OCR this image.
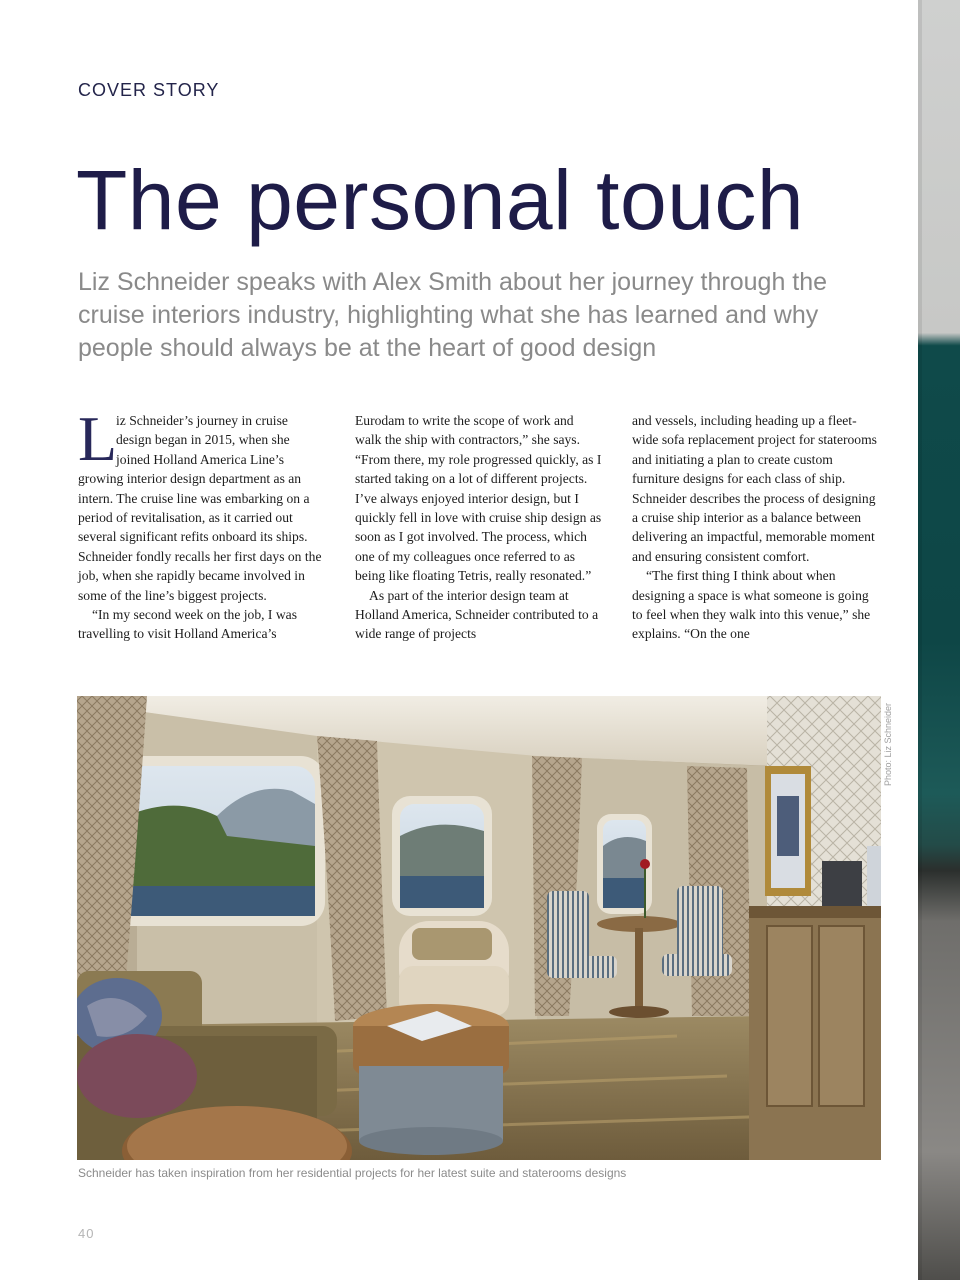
COVER STORY
The personal touch

Liz Schneider speaks with Alex Smith about her journey through the cruise interiors industry, highlighting what she has learned and why people should always be at the heart of good design

L
iz Schneider’s journey in cruise
design began in 2015, when she
joined Holland America Line’s

growing interior design department as an intern. The cruise line was embarking on a period of revitalisation, as it carried out several significant refits onboard its ships. Schneider fondly recalls her first days on the job, when she rapidly became involved in some of the line’s biggest projects.

“In my second week on the job, I was travelling to visit Holland America’s

Eurodam to write the scope of work and walk the ship with contractors,” she says. “From there, my role progressed quickly, as I started taking on a lot of different projects. I’ve always enjoyed interior design, but I quickly fell in love with cruise ship design as soon as I got involved. The process, which one of my colleagues once referred to as being like floating Tetris, really resonated.”

As part of the interior design team at Holland America, Schneider contributed to a wide range of projects

and vessels, including heading up a fleet-wide sofa replacement project for staterooms and initiating a plan to create custom furniture designs for each class of ship. Schneider describes the process of designing a cruise ship interior as a balance between delivering an impactful, memorable moment and ensuring consistent comfort.

“The first thing I think about when designing a space is what someone is going to feel when they walk into this venue,” she explains. “On the one

Photo: Liz Schneider
Schneider has taken inspiration from her residential projects for her latest suite and staterooms designs
40
